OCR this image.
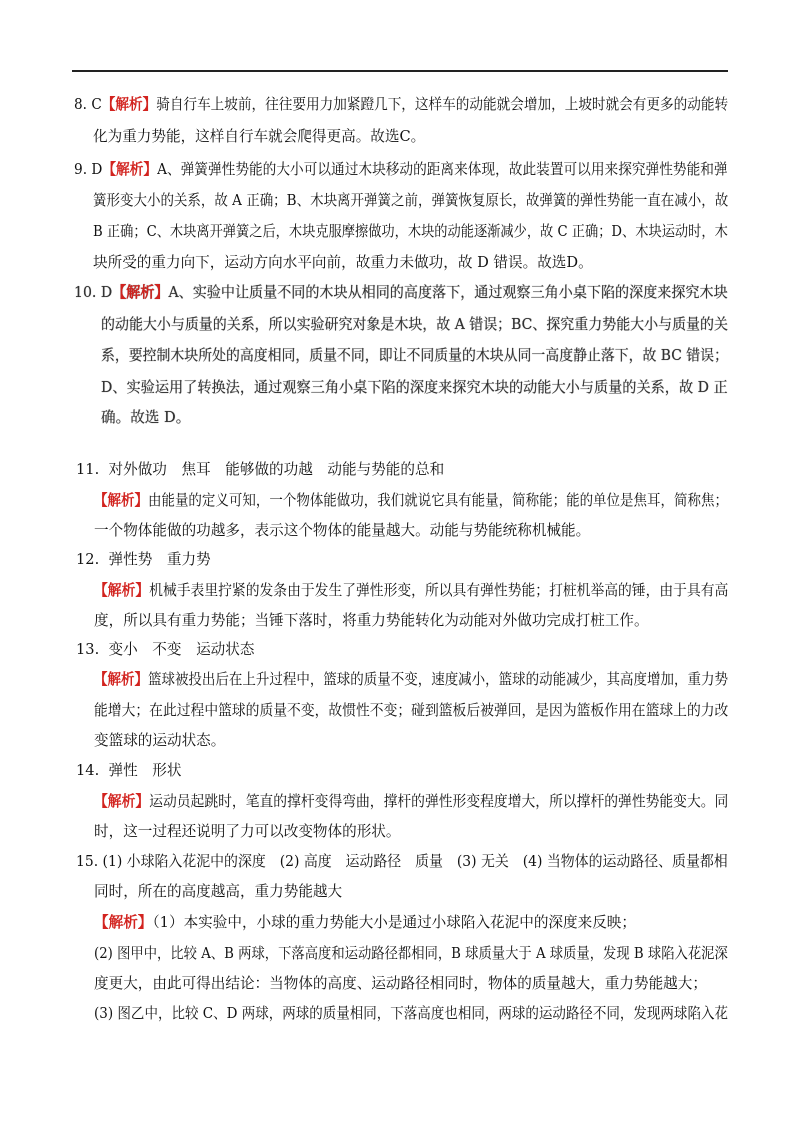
8. C【解析】骑自行车上坡前，往往要用力加紧蹬几下，这样车的动能就会增加，上坡时就会有更多的动能转
化为重力势能，这样自行车就会爬得更高。故选C。
9. D【解析】A、弹簧弹性势能的大小可以通过木块移动的距离来体现，故此装置可以用来探究弹性势能和弹
簧形变大小的关系，故 A 正确；B、木块离开弹簧之前，弹簧恢复原长，故弹簧的弹性势能一直在减小，故
B 正确；C、木块离开弹簧之后，木块克服摩擦做功，木块的动能逐渐减少，故 C 正确；D、木块运动时，木
块所受的重力向下，运动方向水平向前，故重力未做功，故 D 错误。故选D。
10. D【解析】A、实验中让质量不同的木块从相同的高度落下，通过观察三角小桌下陷的深度来探究木块
的动能大小与质量的关系，所以实验研究对象是木块，故 A 错误；BC、探究重力势能大小与质量的关
系，要控制木块所处的高度相同，质量不同，即让不同质量的木块从同一高度静止落下，故 BC 错误；
D、实验运用了转换法，通过观察三角小桌下陷的深度来探究木块的动能大小与质量的关系，故 D 正
确。故选 D。
11. 对外做功　焦耳　能够做的功越　动能与势能的总和
【解析】由能量的定义可知，一个物体能做功，我们就说它具有能量，简称能；能的单位是焦耳，简称焦；
一个物体能做的功越多，表示这个物体的能量越大。动能与势能统称机械能。
12. 弹性势　重力势
【解析】机械手表里拧紧的发条由于发生了弹性形变，所以具有弹性势能；打桩机举高的锤，由于具有高
度，所以具有重力势能；当锤下落时，将重力势能转化为动能对外做功完成打桩工作。
13. 变小　不变　运动状态
【解析】篮球被投出后在上升过程中，篮球的质量不变，速度减小，篮球的动能减少，其高度增加，重力势
能增大；在此过程中篮球的质量不变，故惯性不变；碰到篮板后被弹回，是因为篮板作用在篮球上的力改
变篮球的运动状态。
14. 弹性　形状
【解析】运动员起跳时，笔直的撑杆变得弯曲，撑杆的弹性形变程度增大，所以撑杆的弹性势能变大。同
时，这一过程还说明了力可以改变物体的形状。
15. (1) 小球陷入花泥中的深度　(2) 高度　运动路径　质量　(3) 无关　(4) 当物体的运动路径、质量都相
同时，所在的高度越高，重力势能越大
【解析】（1）本实验中，小球的重力势能大小是通过小球陷入花泥中的深度来反映；
(2) 图甲中，比较 A、B 两球，下落高度和运动路径都相同，B 球质量大于 A 球质量，发现 B 球陷入花泥深
度更大，由此可得出结论：当物体的高度、运动路径相同时，物体的质量越大，重力势能越大；
(3) 图乙中，比较 C、D 两球，两球的质量相同，下落高度也相同，两球的运动路径不同，发现两球陷入花
